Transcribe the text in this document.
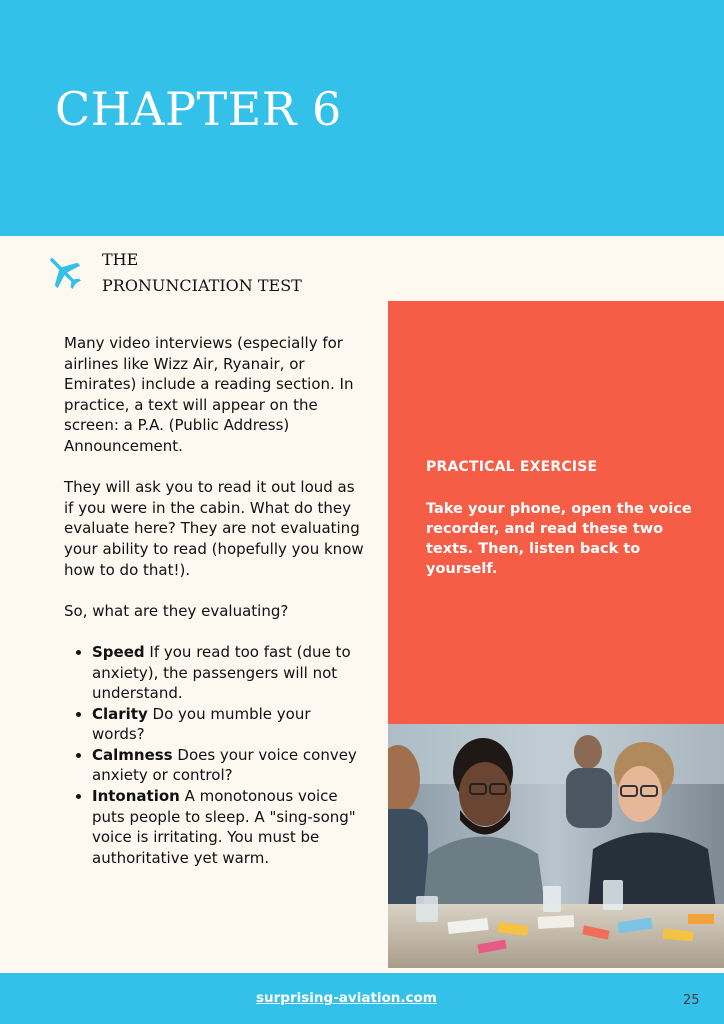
CHAPTER 6
THE
PRONUNCIATION TEST

Many video interviews (especially for airlines like Wizz Air, Ryanair, or Emirates) include a reading section. In practice, a text will appear on the screen: a P.A. (Public Address) Announcement.

They will ask you to read it out loud as if you were in the cabin. What do they evaluate here? They are not evaluating your ability to read (hopefully you know how to do that!).

So, what are they evaluating?

• Speed If you read too fast (due to anxiety), the passengers will not understand.
• Clarity Do you mumble your words?
• Calmness Does your voice convey anxiety or control?
• Intonation A monotonous voice puts people to sleep. A "sing-song" voice is irritating. You must be authoritative yet warm.

PRACTICAL EXERCISE

Take your phone, open the voice recorder, and read these two texts. Then, listen back to yourself.

surprising-aviation.com	25
